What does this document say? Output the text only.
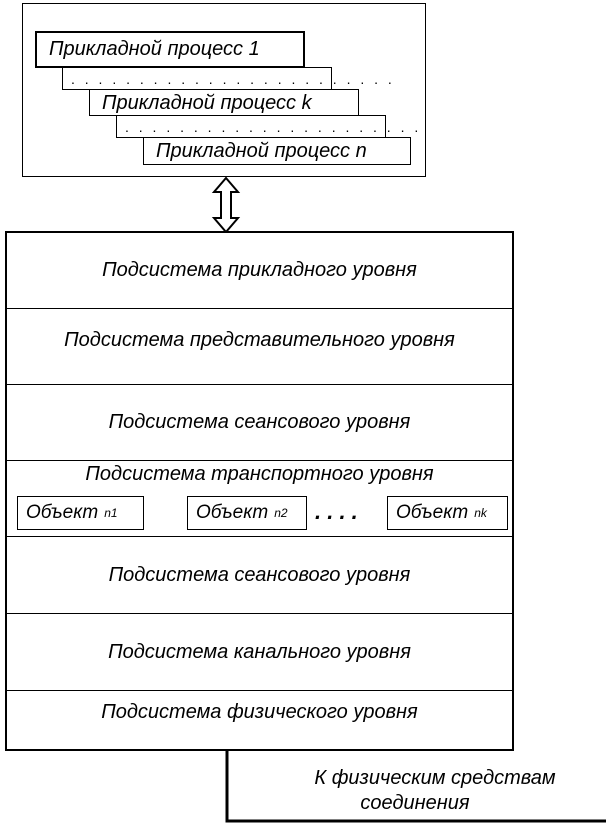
Прикладной процесс n
. . . . . . . . . . . . . . . . . . . . . .
Прикладной процесс k
. . . . . . . . . . . . . . . . . . . . . . . .
Прикладной процесс 1
Подсистема прикладного уровня
Подсистема представительного уровня
Подсистема сеансового уровня
Подсистема транспортного уровня
Объект n1	Объект n2 . . . . Объект nk
Подсистема сеансового уровня
Подсистема канального уровня
Подсистема физического уровня
К физическим средствам
соединения
